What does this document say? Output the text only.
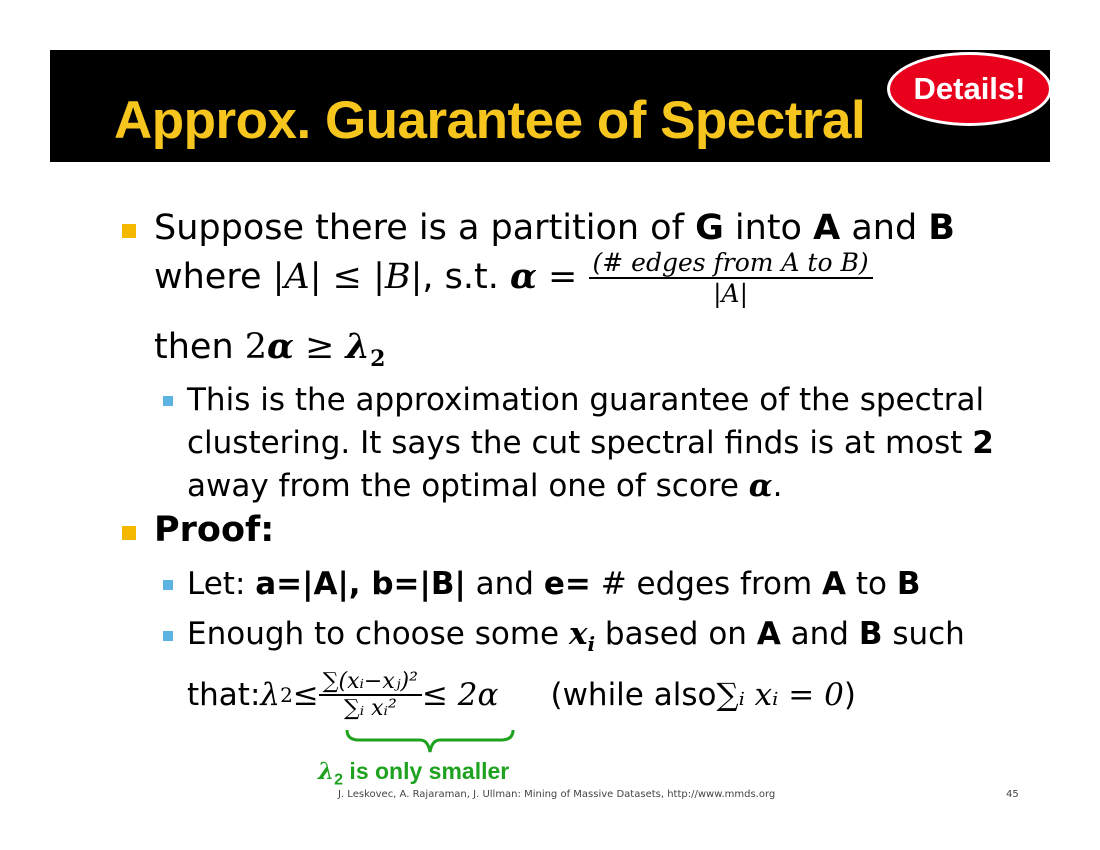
Approx. Guarantee of Spectral
Details!
Suppose there is a partition of G into A and B
where |A| ≤ |B|, s.t. $\alpha = \frac{\text{(\# edges from A to B)}}{|A|}$
then $2\alpha \ge \lambda_2$
This is the approximation guarantee of the spectral
clustering. It says the cut spectral finds is at most 2
away from the optimal one of score α.
Proof:
Let: a=|A|, b=|B| and e= # edges from A to B
Enough to choose some $x_i$ based on A and B such
that: λ $2 \le \frac{\text{∑(xᵢ−xⱼ)²}}{\text{∑ᵢ xᵢ²}} \le 2\alpha$ (while also ∑ᵢ xᵢ = 0 )
$\lambda_2$ is only smaller
J. Leskovec, A. Rajaraman, J. Ullman: Mining of Massive Datasets, http://www.mmds.org	45
